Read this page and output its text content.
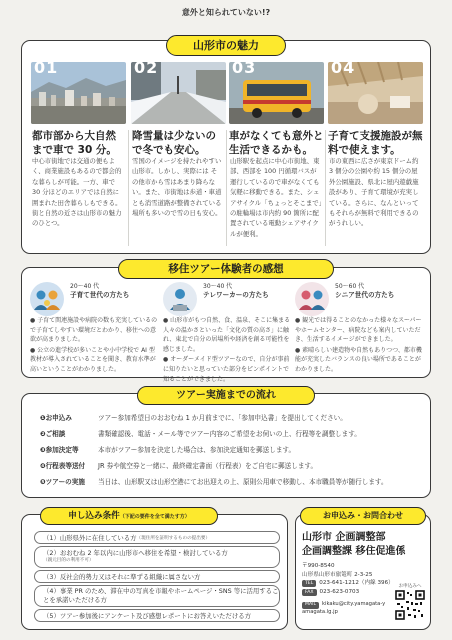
意外と知られていない!?
山形市の魅力
01	02	03	04
都市部から大自然まで車で 30 分。
降雪量は少ないので冬でも安心。
車がなくても意外と生活できるかも。
子育て支援施設が無料で使えます。
中心市街地では交通の便もよく、商業施設もあるので都会的な暮らしが可能。一方、車で 30 分ほどのエリアでは自然に囲まれた田舎暮らしもできる。街と自然の近さは山形市の魅力のひとつ。
雪国のイメージを持たれやすい山形市。しかし、実際には その他市から雪はあまり降らない。また、市街地は歩道・車道とも消雪道路が整備されている場所も多いので雪の日も安心。
山形駅を起点に中心市街地、東部、西部を 100 円循環バスが運行しているので車がなくても気軽に移動できる。また、シェアサイクル「ちょっとそこまで」の駐輪場は市内約 90 箇所に配置されている電動シェアサイクルが便利。
市の東西に広さが東京ドーム約 3 個分の公園や約 15 個分の屋外公園施設、県北に屋内遊戯施設があり、子育て環境が充実している。さらに、なんといってもそれらが無料で利用できるのがうれしい。
移住ツアー体験者の感想
20〜40 代
子育て世代の方たち
30〜40 代
テレワーカーの方たち
50〜60 代
シニア世代の方たち
● 子育て関連施設や病院の数も充実しているので子育てしやすい環境だとわかり、移住への意欲が高まりました。
● 公立の進学校が多いことや小中学校で AI 型教材が導入されていることを聞き、教育水準が高いということがわかりました。
● 山形市がもつ自然、食、温泉、そこに集まる人々の温かさといった「文化の質の高さ」に触れ、東北で自分の居場所や経済を創る可能性を感じました。
● オーダーメイド型ツアーなので、自分が事前に知りたいと思っていた部分をピンポイントで知ることができました。
● 観光では得ることのなかった様々なスーパーやホームセンター、病院なども案内していただき、生活するイメージができました。
● 素晴らしい建造物や自然もありつつ、都市機能が充実したバランスの良い場所であることがわかりました。
ツアー実施までの流れ
❶お申込み	ツアー参加希望日のおおむね 1 か月前までに、「参加申込書」を提出してください。
❷ご相談	書類確認後、電話・メール等でツアー内容のご希望をお伺いの上、行程等を調整します。
❸参加決定等	本市がツアー参加を決定した場合は、参加決定通知を郵送します。
❹行程表等送付	JR 券や航空券と一緒に、最終確定書面（行程表）をご自宅に郵送します。
❺ツアーの実施	当日は、山形駅又は山形空港にてお出迎えの上、原則公用車で移動し、本市職員等が随行します。
申し込み条件（下記の要件を全て満たす方）
（1）山形県外に在住している方 （現住所を証明するものの提出要）
（2）おおむね 2 年以内に山形市へ移住を希望・検討している方
（親元目的の利用不可）
（3）反社会的勢力又はそれに準ずる組織に属さない方
（4）事業 PR のため、滞在中の写真を市報やホームページ・SNS 等に活用することを承諾いただける方
（5）ツアー参加後にアンケート及び感想レポートにお答えいただける方
お申込み・お問合わせ
山形市 企画調整部
企画調整課 移住促進係
〒990-8540
山形県山形市旅篭町 2-3-25
TEL 023-641-1212（内線 396）
FAX 023-623-0703
MAIL kikaku@city.yamagata-yamagata.lg.jp
お申込みへ
